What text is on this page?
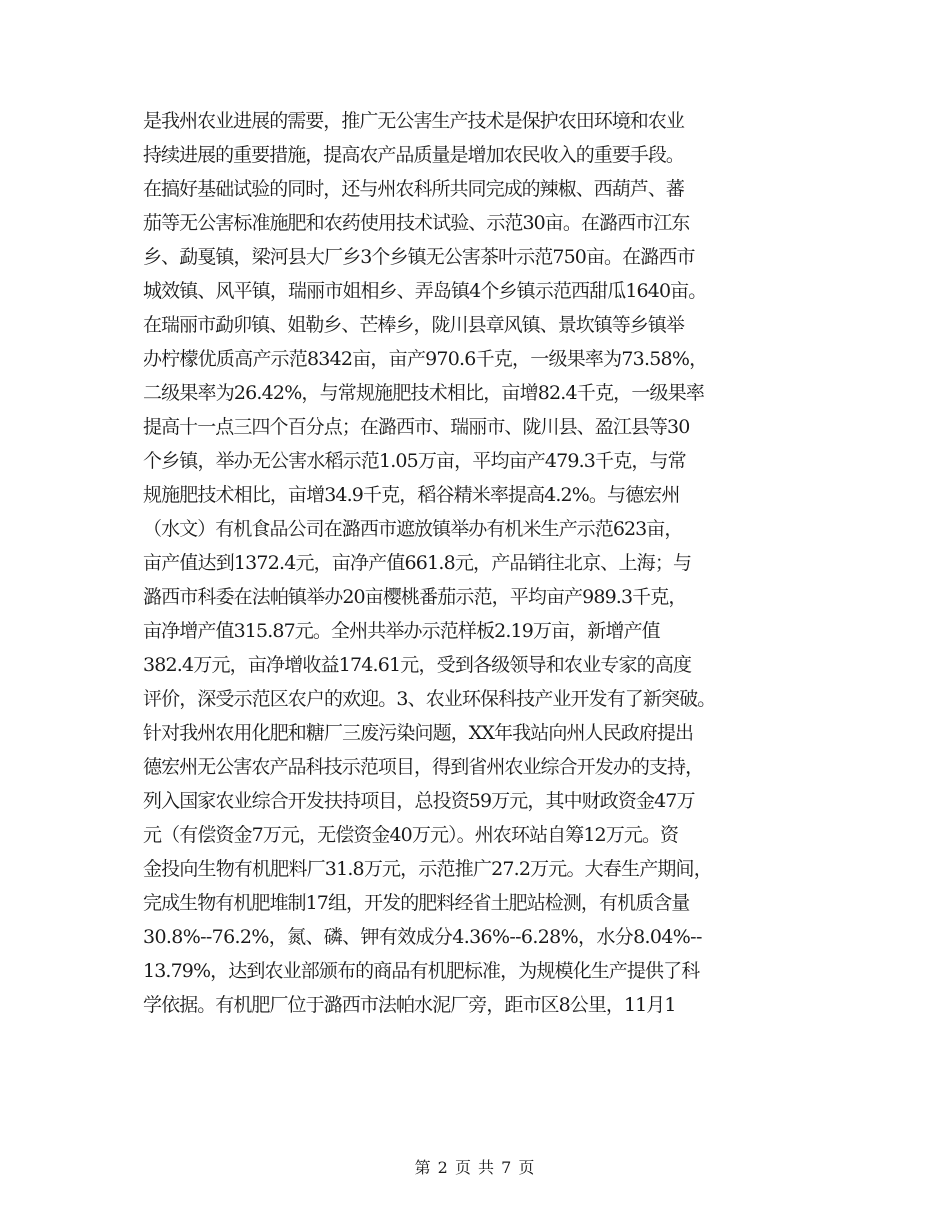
是我州农业进展的需要，推广无公害生产技术是保护农田环境和农业
持续进展的重要措施，提高农产品质量是增加农民收入的重要手段。
在搞好基础试验的同时，还与州农科所共同完成的辣椒、西葫芦、蕃
茄等无公害标准施肥和农药使用技术试验、示范30亩。在潞西市江东
乡、勐戛镇，梁河县大厂乡3个乡镇无公害茶叶示范750亩。在潞西市
城效镇、风平镇，瑞丽市姐相乡、弄岛镇4个乡镇示范西甜瓜1640亩。
在瑞丽市勐卯镇、姐勒乡、芒棒乡，陇川县章风镇、景坎镇等乡镇举
办柠檬优质高产示范8342亩，亩产970.6千克，一级果率为73.58%，
二级果率为26.42%，与常规施肥技术相比，亩增82.4千克，一级果率
提高十一点三四个百分点；在潞西市、瑞丽市、陇川县、盈江县等30
个乡镇，举办无公害水稻示范1.05万亩，平均亩产479.3千克，与常
规施肥技术相比，亩增34.9千克，稻谷精米率提高4.2%。与德宏州
（水文）有机食品公司在潞西市遮放镇举办有机米生产示范623亩，
亩产值达到1372.4元，亩净产值661.8元，产品销往北京、上海；与
潞西市科委在法帕镇举办20亩樱桃番茄示范，平均亩产989.3千克，
亩净增产值315.87元。全州共举办示范样板2.19万亩，新增产值
382.4万元，亩净增收益174.61元，受到各级领导和农业专家的高度
评价，深受示范区农户的欢迎。3、农业环保科技产业开发有了新突破。
针对我州农用化肥和糖厂三废污染问题，XX年我站向州人民政府提出
德宏州无公害农产品科技示范项目，得到省州农业综合开发办的支持，
列入国家农业综合开发扶持项目，总投资59万元，其中财政资金47万
元（有偿资金7万元，无偿资金40万元）。州农环站自筹12万元。资
金投向生物有机肥料厂31.8万元，示范推广27.2万元。大春生产期间，
完成生物有机肥堆制17组，开发的肥料经省土肥站检测，有机质含量
30.8%--76.2%，氮、磷、钾有效成分4.36%--6.28%，水分8.04%--
13.79%，达到农业部颁布的商品有机肥标准，为规模化生产提供了科
学依据。有机肥厂位于潞西市法帕水泥厂旁，距市区8公里，11月1
第 2 页 共 7 页
